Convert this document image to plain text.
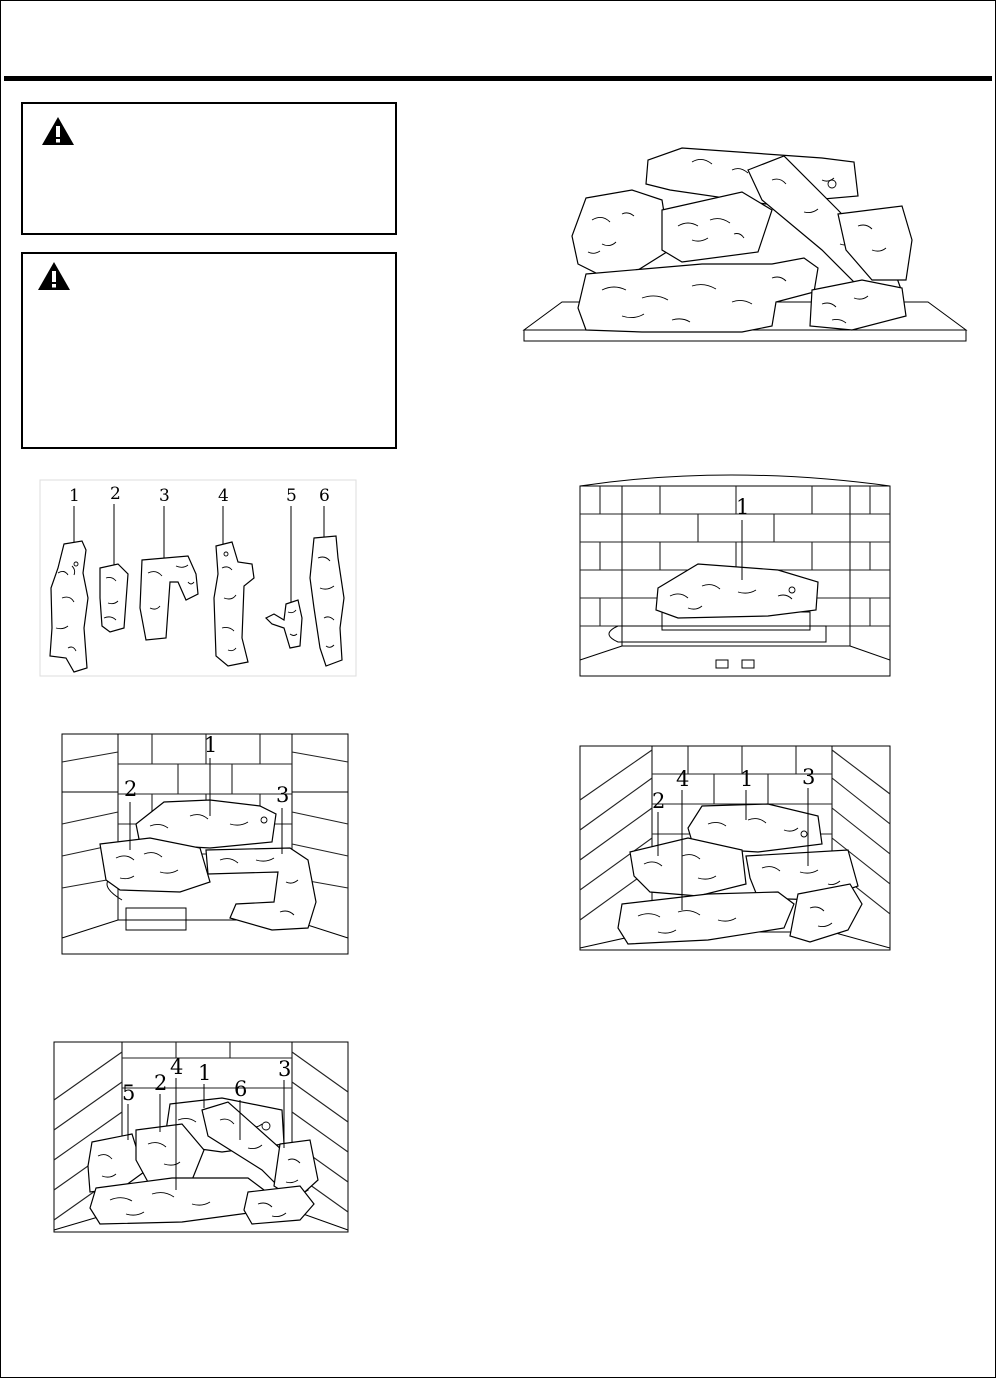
1 2 3	4	5 6	1
1
2	3
4 1 3
2
4 1	3
5 2	6
